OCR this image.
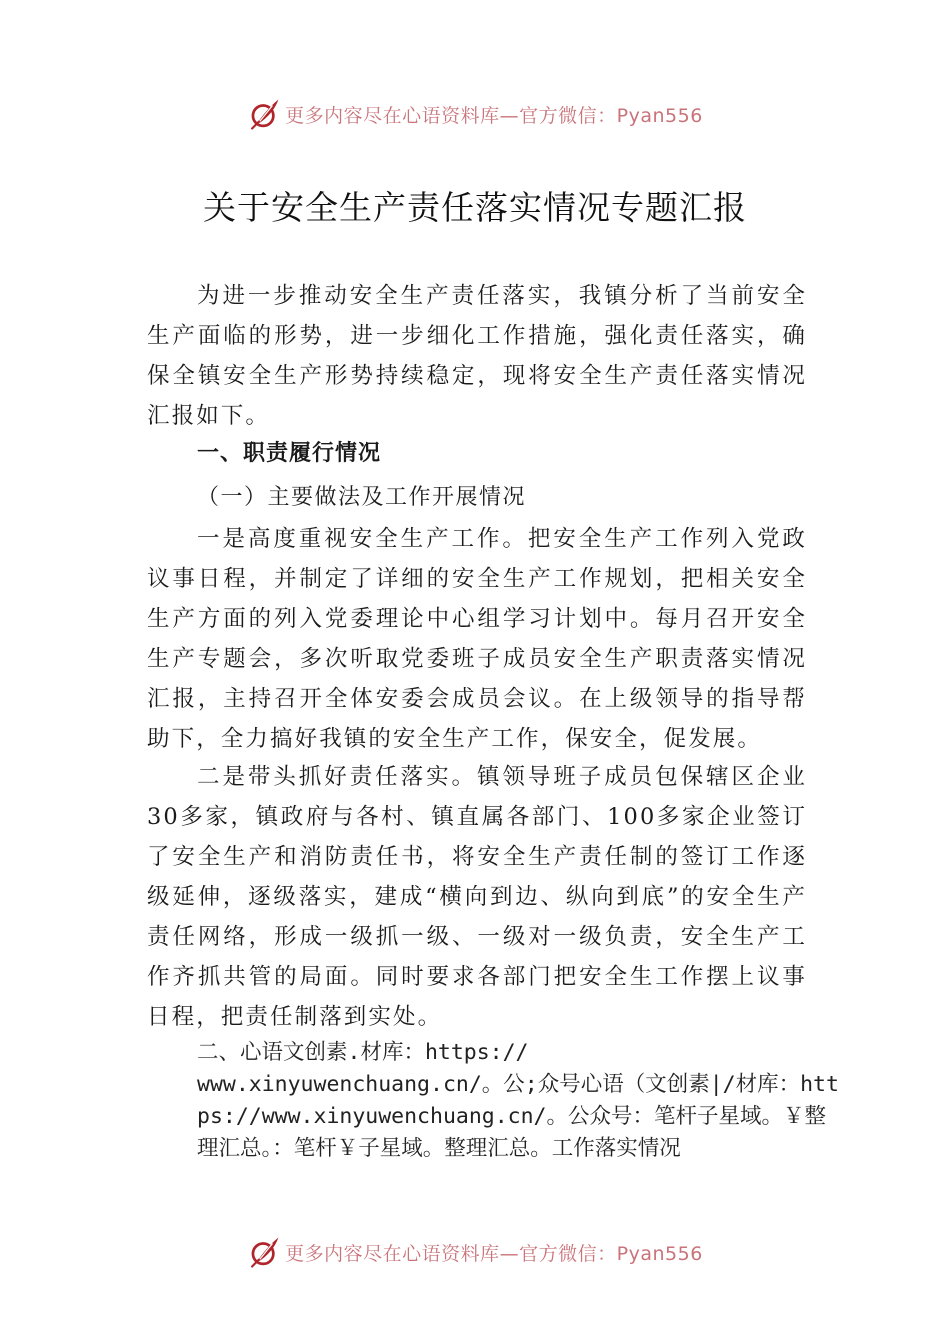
更多内容尽在心语资料库—官方微信：Pyan556
关于安全生产责任落实情况专题汇报

为进一步推动安全生产责任落实，我镇分析了当前安全生产面临的形势，进一步细化工作措施，强化责任落实，确保全镇安全生产形势持续稳定，现将安全生产责任落实情况汇报如下。

一、职责履行情况

（一）主要做法及工作开展情况

一是高度重视安全生产工作。把安全生产工作列入党政议事日程，并制定了详细的安全生产工作规划，把相关安全生产方面的列入党委理论中心组学习计划中。每月召开安全生产专题会，多次听取党委班子成员安全生产职责落实情况汇报，主持召开全体安委会成员会议。在上级领导的指导帮助下，全力搞好我镇的安全生产工作，保安全，促发展。

二是带头抓好责任落实。镇领导班子成员包保辖区企业30多家，镇政府与各村、镇直属各部门、100多家企业签订了安全生产和消防责任书，将安全生产责任制的签订工作逐级延伸，逐级落实，建成“横向到边、纵向到底”的安全生产责任网络，形成一级抓一级、一级对一级负责，安全生产工作齐抓共管的局面。同时要求各部门把安全生工作摆上议事日程，把责任制落到实处。

二、心语文创素.材库：https://
www.xinyuwenchuang.cn/。公;众号心语（文创素|/材库：https://www.xinyuwenchuang.cn/。公众号：笔杆子星域。￥整理汇总。：笔杆￥子星域。整理汇总。工作落实情况

更多内容尽在心语资料库—官方微信：Pyan556
